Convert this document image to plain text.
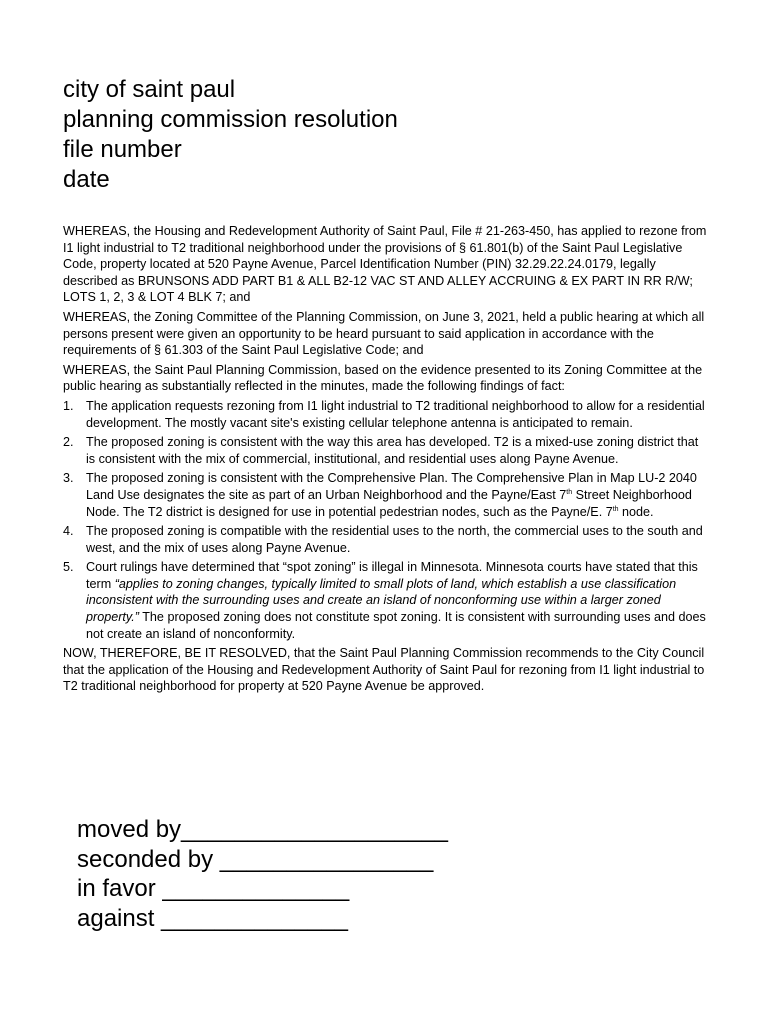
city of saint paul
planning commission resolution
file number
date

WHEREAS, the Housing and Redevelopment Authority of Saint Paul, File # 21-263-450, has applied to rezone from I1 light industrial to T2 traditional neighborhood under the provisions of § 61.801(b) of the Saint Paul Legislative Code, property located at 520 Payne Avenue, Parcel Identification Number (PIN) 32.29.22.24.0179, legally described as BRUNSONS ADD PART B1 & ALL B2-12 VAC ST AND ALLEY ACCRUING & EX PART IN RR R/W; LOTS 1, 2, 3 & LOT 4 BLK 7; and

WHEREAS, the Zoning Committee of the Planning Commission, on June 3, 2021, held a public hearing at which all persons present were given an opportunity to be heard pursuant to said application in accordance with the requirements of § 61.303 of the Saint Paul Legislative Code; and

WHEREAS, the Saint Paul Planning Commission, based on the evidence presented to its Zoning Committee at the public hearing as substantially reflected in the minutes, made the following findings of fact:

1. The application requests rezoning from I1 light industrial to T2 traditional neighborhood to allow for a residential development. The mostly vacant site's existing cellular telephone antenna is anticipated to remain.
2. The proposed zoning is consistent with the way this area has developed. T2 is a mixed-use zoning district that is consistent with the mix of commercial, institutional, and residential uses along Payne Avenue.
3. The proposed zoning is consistent with the Comprehensive Plan. The Comprehensive Plan in Map LU-2 2040 Land Use designates the site as part of an Urban Neighborhood and the Payne/East 7th Street Neighborhood Node. The T2 district is designed for use in potential pedestrian nodes, such as the Payne/E. 7th node.
4. The proposed zoning is compatible with the residential uses to the north, the commercial uses to the south and west, and the mix of uses along Payne Avenue.
5. Court rulings have determined that “spot zoning” is illegal in Minnesota. Minnesota courts have stated that this term “applies to zoning changes, typically limited to small plots of land, which establish a use classification inconsistent with the surrounding uses and create an island of nonconforming use within a larger zoned property.” The proposed zoning does not constitute spot zoning. It is consistent with surrounding uses and does not create an island of nonconformity.

NOW, THEREFORE, BE IT RESOLVED, that the Saint Paul Planning Commission recommends to the City Council that the application of the Housing and Redevelopment Authority of Saint Paul for rezoning from I1 light industrial to T2 traditional neighborhood for property at 520 Payne Avenue be approved.

moved by____________________
seconded by ________________
in favor ______________
against ______________
